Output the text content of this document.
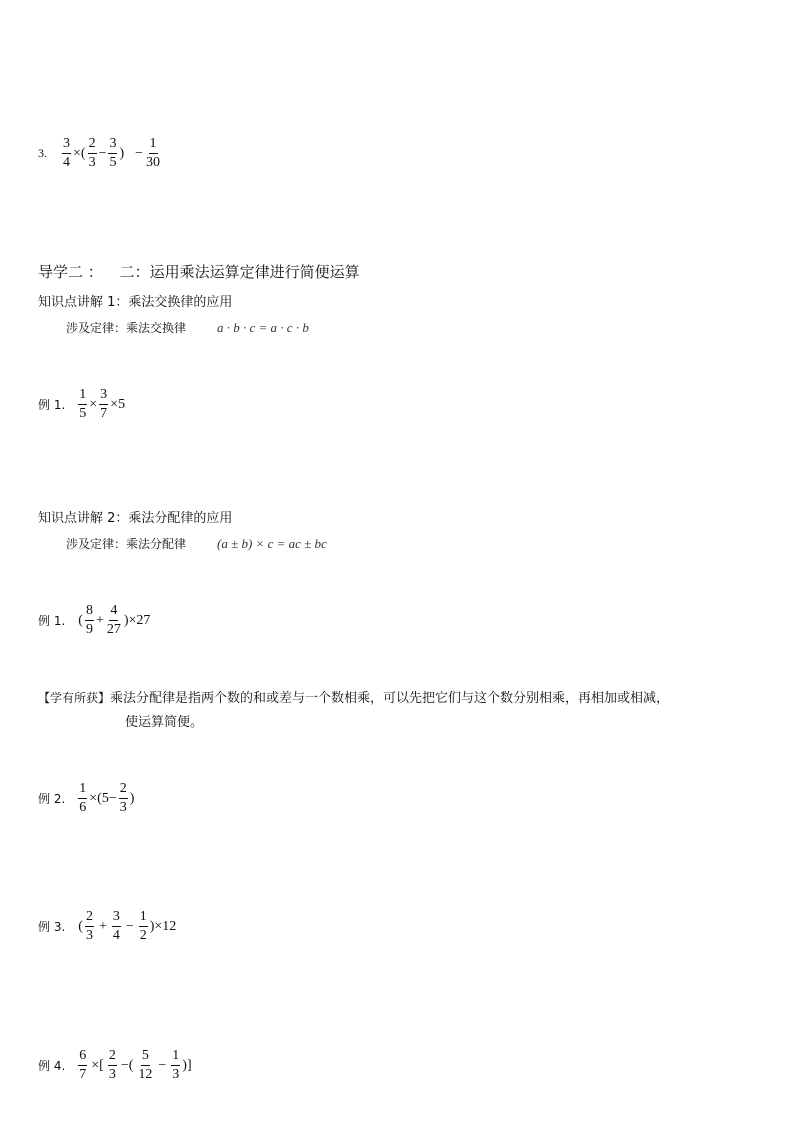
3. $\frac{3}{4}$ ×( $\frac{2}{3} - \frac{3}{5}$ ) − $\frac{1}{30}$
导学二 ： 二：运用乘法运算定律进行简便运算
知识点讲解 1：乘法交换律的应用
涉及定律：乘法交换律 a · b · c = a · c · b
例 1. $\frac{1}{5} \times \frac{3}{7} \times 5$
知识点讲解 2：乘法分配律的应用
涉及定律：乘法分配律 (a ± b) × c = ac ± bc
例 1. ( $\frac{8}{9} + \frac{4}{27} )\times 27$
【学有所获】乘法分配律是指两个数的和或差与一个数相乘，可以先把它们与这个数分别相乘，再相加或相减，
使运算简便。
例 2. $\frac{1}{6} \times(5- \frac{2}{3}$ )
例 3. ( $\frac{2}{3} + \frac{3}{4} - \frac{1}{2} )\times 12$
例 4. $\frac{6}{7}$ ×[ $\frac{2}{3}$ −( $\frac{5}{12} - \frac{1}{3}$ )]
